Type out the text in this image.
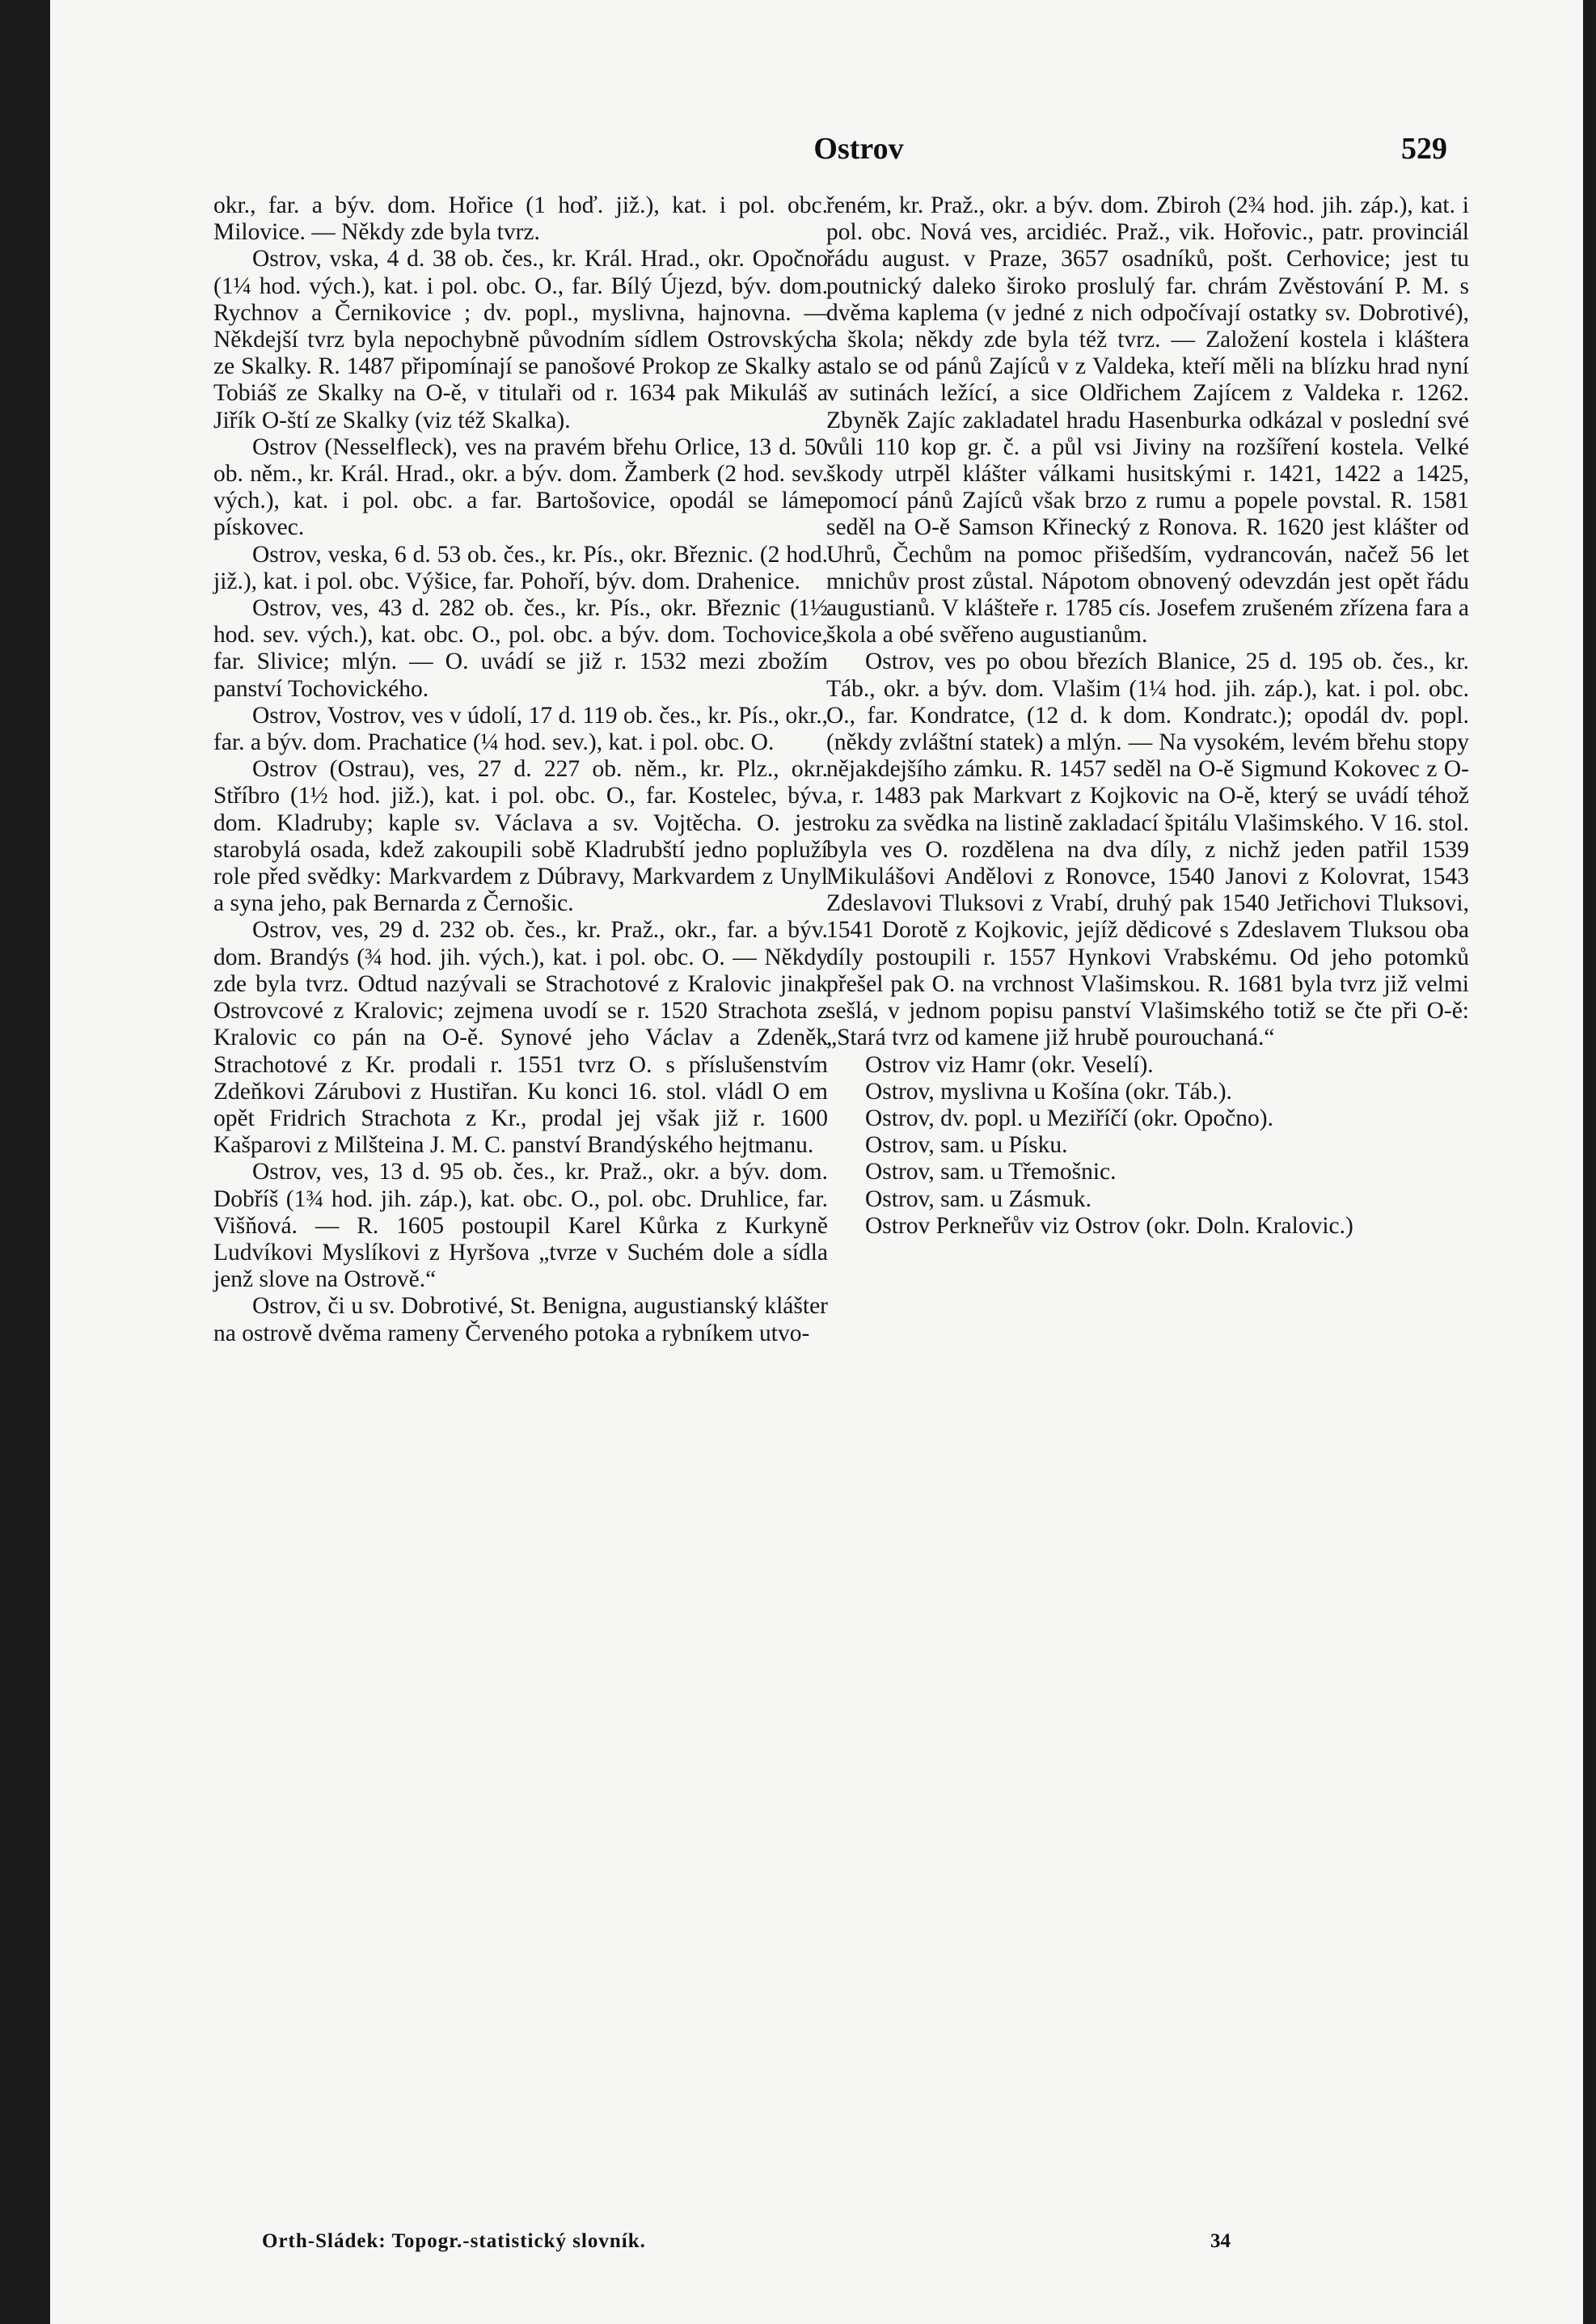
Ostrov	529

okr., far. a býv. dom. Hořice (1 hoď. již.), kat. i pol. obc. Milovice. — Někdy zde byla tvrz.

Ostrov, vska, 4 d. 38 ob. čes., kr. Král. Hrad., okr. Opočno (1¼ hod. vých.), kat. i pol. obc. O., far. Bílý Újezd, býv. dom. Rychnov a Černikovice ; dv. popl., myslivna, hajnovna. — Někdejší tvrz byla nepochybně původním sídlem Ostrovských ze Skalky. R. 1487 připomínají se panošové Prokop ze Skalky a Tobiáš ze Skalky na O-ě, v titulaři od r. 1634 pak Mikuláš a Jiřík O-ští ze Skalky (viz též Skalka).

Ostrov (Nesselfleck), ves na pravém břehu Orlice, 13 d. 50 ob. něm., kr. Král. Hrad., okr. a býv. dom. Žamberk (2 hod. sev. vých.), kat. i pol. obc. a far. Bartošovice, opodál se láme pískovec.

Ostrov, veska, 6 d. 53 ob. čes., kr. Pís., okr. Březnic. (2 hod. již.), kat. i pol. obc. Výšice, far. Pohoří, býv. dom. Drahenice.

Ostrov, ves, 43 d. 282 ob. čes., kr. Pís., okr. Březnic (1½ hod. sev. vých.), kat. obc. O., pol. obc. a býv. dom. Tochovice, far. Slivice; mlýn. — O. uvádí se již r. 1532 mezi zbožím panství Tochovického.

Ostrov, Vostrov, ves v údolí, 17 d. 119 ob. čes., kr. Pís., okr., far. a býv. dom. Prachatice (¼ hod. sev.), kat. i pol. obc. O.

Ostrov (Ostrau), ves, 27 d. 227 ob. něm., kr. Plz., okr. Stříbro (1½ hod. již.), kat. i pol. obc. O., far. Kostelec, býv. dom. Kladruby; kaple sv. Václava a sv. Vojtěcha. O. jest starobylá osada, kdež zakoupili sobě Kladrubští jedno popluží role před svědky: Markvardem z Dúbravy, Markvardem z Unyl a syna jeho, pak Bernarda z Černošic.

Ostrov, ves, 29 d. 232 ob. čes., kr. Praž., okr., far. a býv. dom. Brandýs (¾ hod. jih. vých.), kat. i pol. obc. O. — Někdy zde byla tvrz. Odtud nazývali se Strachotové z Kralovic jinak Ostrovcové z Kralovic; zejmena uvodí se r. 1520 Strachota z Kralovic co pán na O-ě. Synové jeho Václav a Zdeněk Strachotové z Kr. prodali r. 1551 tvrz O. s příslušenstvím Zdeňkovi Zárubovi z Hustiřan. Ku konci 16. stol. vládl O em opět Fridrich Strachota z Kr., prodal jej však již r. 1600 Kašparovi z Milšteina J. M. C. panství Brandýského hejtmanu.

Ostrov, ves, 13 d. 95 ob. čes., kr. Praž., okr. a býv. dom. Dobříš (1¾ hod. jih. záp.), kat. obc. O., pol. obc. Druhlice, far. Višňová. — R. 1605 postoupil Karel Kůrka z Kurkyně Ludvíkovi Myslíkovi z Hyršova „tvrze v Suchém dole a sídla jenž slove na Ostrově.“

Ostrov, či u sv. Dobrotivé, St. Benigna, augustianský klášter na ostrově dvěma rameny Červeného potoka a rybníkem utvo-

řeném, kr. Praž., okr. a býv. dom. Zbiroh (2¾ hod. jih. záp.), kat. i pol. obc. Nová ves, arcidiéc. Praž., vik. Hořovic., patr. provinciál řádu august. v Praze, 3657 osadníků, pošt. Cerhovice; jest tu poutnický daleko široko proslulý far. chrám Zvěstování P. M. s dvěma kaplema (v jedné z nich odpočívají ostatky sv. Dobrotivé), a škola; někdy zde byla též tvrz. — Založení kostela i kláštera stalo se od pánů Zajíců v z Valdeka, kteří měli na blízku hrad nyní v sutinách ležící, a sice Oldřichem Zajícem z Valdeka r. 1262. Zbyněk Zajíc zakladatel hradu Hasenburka odkázal v poslední své vůli 110 kop gr. č. a půl vsi Jiviny na rozšíření kostela. Velké škody utrpěl klášter válkami husitskými r. 1421, 1422 a 1425, pomocí pánů Zajíců však brzo z rumu a popele povstal. R. 1581 seděl na O-ě Samson Křinecký z Ronova. R. 1620 jest klášter od Uhrů, Čechům na pomoc přišedším, vydrancován, načež 56 let mnichův prost zůstal. Nápotom obnovený odevzdán jest opět řádu augustianů. V klášteře r. 1785 cís. Josefem zrušeném zřízena fara a škola a obé svěřeno augustianům.

Ostrov, ves po obou březích Blanice, 25 d. 195 ob. čes., kr. Táb., okr. a býv. dom. Vlašim (1¼ hod. jih. záp.), kat. i pol. obc. O., far. Kondratce, (12 d. k dom. Kondratc.); opodál dv. popl. (někdy zvláštní statek) a mlýn. — Na vysokém, levém břehu stopy nějakdejšího zámku. R. 1457 seděl na O-ě Sigmund Kokovec z O-a, r. 1483 pak Markvart z Kojkovic na O-ě, který se uvádí téhož roku za svědka na listině zakladací špitálu Vlašimského. V 16. stol. byla ves O. rozdělena na dva díly, z nichž jeden patřil 1539 Mikulášovi Andělovi z Ronovce, 1540 Janovi z Kolovrat, 1543 Zdeslavovi Tluksovi z Vrabí, druhý pak 1540 Jetřichovi Tluksovi, 1541 Dorotě z Kojkovic, jejíž dědicové s Zdeslavem Tluksou oba díly postoupili r. 1557 Hynkovi Vrabskému. Od jeho potomků přešel pak O. na vrchnost Vlašimskou. R. 1681 byla tvrz již velmi sešlá, v jednom popisu panství Vlašimského totiž se čte při O-ě: „Stará tvrz od kamene již hrubě pourouchaná.“

Ostrov viz Hamr (okr. Veselí).

Ostrov, myslivna u Košína (okr. Táb.).

Ostrov, dv. popl. u Meziříčí (okr. Opočno).

Ostrov, sam. u Písku.

Ostrov, sam. u Třemošnic.

Ostrov, sam. u Zásmuk.

Ostrov Perkneřův viz Ostrov (okr. Doln. Kralovic.)

Orth-Sládek: Topogr.-statistický slovník.	34
